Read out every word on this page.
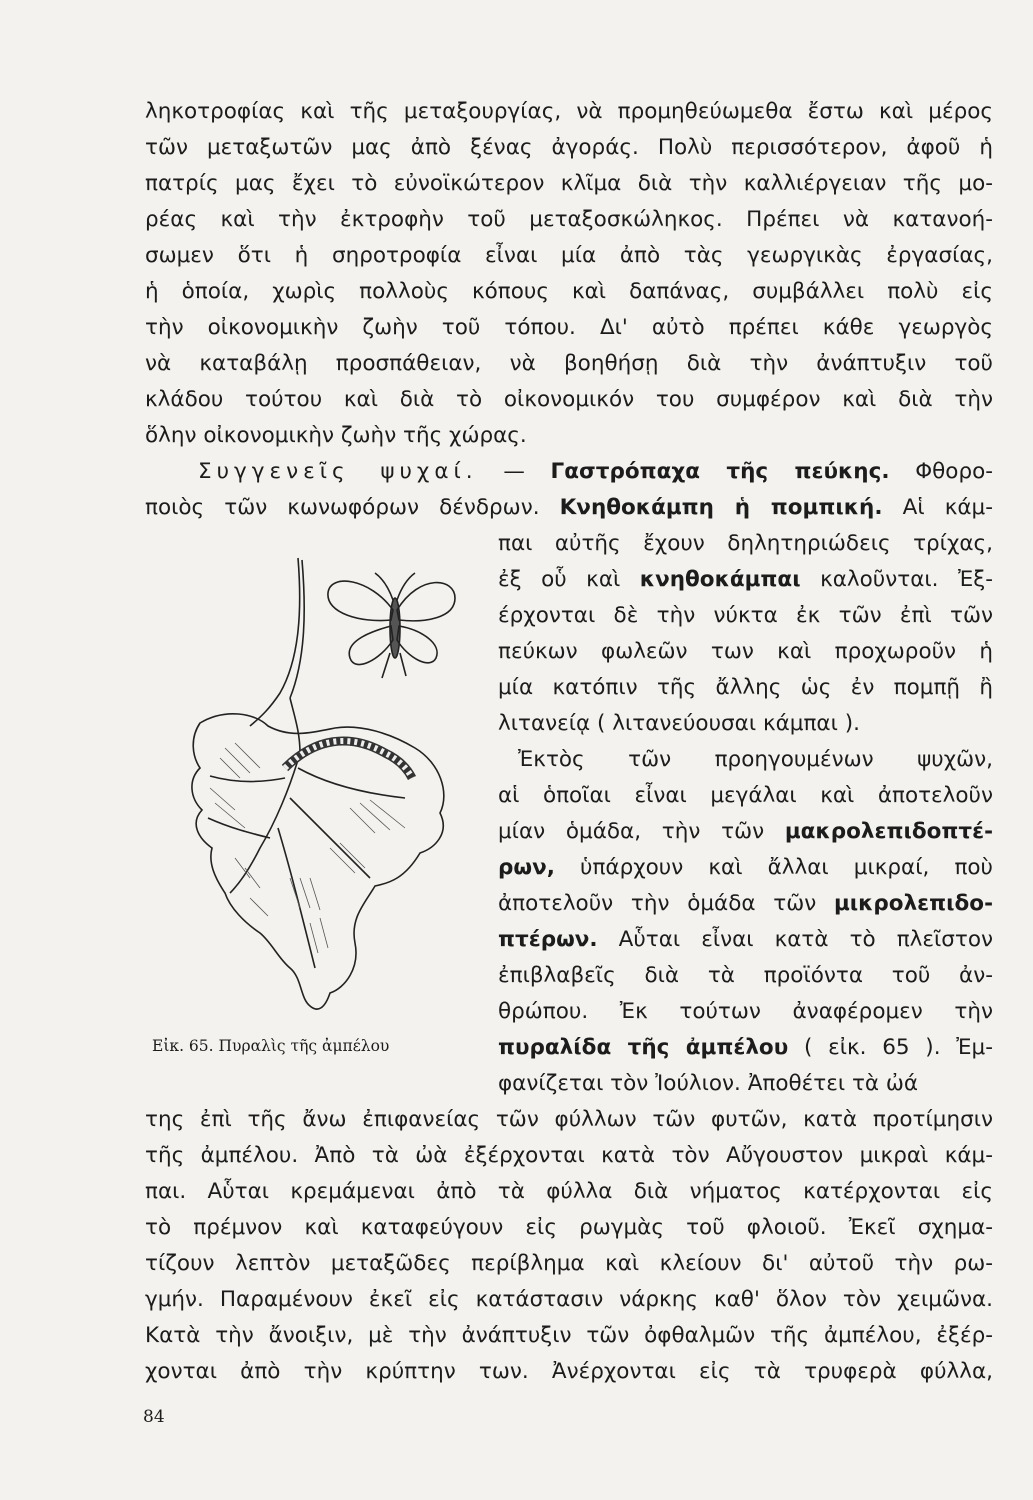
ληκοτροφίας καὶ τῆς μεταξουργίας, νὰ προμηθεύωμεθα ἔστω καὶ μέρος
τῶν μεταξωτῶν μας ἀπὸ ξένας ἀγοράς. Πολὺ περισσότερον, ἀφοῦ ἡ
πατρίς μας ἔχει τὸ εὐνοϊκώτερον κλῖμα διὰ τὴν καλλιέργειαν τῆς μο-
ρέας καὶ τὴν ἐκτροφὴν τοῦ μεταξοσκώληκος. Πρέπει νὰ κατανοή-
σωμεν ὅτι ἡ σηροτροφία εἶναι μία ἀπὸ τὰς γεωργικὰς ἐργασίας,
ἡ ὁποία, χωρὶς πολλοὺς κόπους καὶ δαπάνας, συμβάλλει πολὺ εἰς
τὴν οἰκονομικὴν ζωὴν τοῦ τόπου. Δι' αὐτὸ πρέπει κάθε γεωργὸς
νὰ καταβάλῃ προσπάθειαν, νὰ βοηθήσῃ διὰ τὴν ἀνάπτυξιν τοῦ
κλάδου τούτου καὶ διὰ τὸ οἰκονομικόν του συμφέρον καὶ διὰ τὴν
ὅλην οἰκονομικὴν ζωὴν τῆς χώρας.
Συγγενεῖς ψυχαί. — Γαστρόπαχα τῆς πεύκης. Φθορο-
ποιὸς τῶν κωνωφόρων δένδρων. Κνηθοκάμπη ἡ πομπική. Αἱ κάμ-
παι αὐτῆς ἔχουν δηλητηριώδεις τρίχας,
ἐξ οὗ καὶ κνηθοκάμπαι καλοῦνται. Ἐξ-
έρχονται δὲ τὴν νύκτα ἐκ τῶν ἐπὶ τῶν
πεύκων φωλεῶν των καὶ προχωροῦν ἡ
μία κατόπιν τῆς ἄλλης ὡς ἐν πομπῇ ἢ
λιτανείᾳ ( λιτανεύουσαι κάμπαι ).
Ἐκτὸς τῶν προηγουμένων ψυχῶν,
αἱ ὁποῖαι εἶναι μεγάλαι καὶ ἀποτελοῦν
μίαν ὁμάδα, τὴν τῶν μακρολεπιδοπτέ-
ρων, ὑπάρχουν καὶ ἄλλαι μικραί, ποὺ
ἀποτελοῦν τὴν ὁμάδα τῶν μικρολεπιδο-
πτέρων. Αὗται εἶναι κατὰ τὸ πλεῖστον
ἐπιβλαβεῖς διὰ τὰ προϊόντα τοῦ ἀν-
θρώπου. Ἐκ τούτων ἀναφέρομεν τὴν
πυραλίδα τῆς ἀμπέλου ( εἰκ. 65 ). Ἐμ-
φανίζεται τὸν Ἰούλιον. Ἀποθέτει τὰ ὠά
της ἐπὶ τῆς ἄνω ἐπιφανείας τῶν φύλλων τῶν φυτῶν, κατὰ προτίμησιν
τῆς ἀμπέλου. Ἀπὸ τὰ ὠὰ ἐξέρχονται κατὰ τὸν Αὔγουστον μικραὶ κάμ-
παι. Αὗται κρεμάμεναι ἀπὸ τὰ φύλλα διὰ νήματος κατέρχονται εἰς
τὸ πρέμνον καὶ καταφεύγουν εἰς ρωγμὰς τοῦ φλοιοῦ. Ἐκεῖ σχημα-
τίζουν λεπτὸν μεταξῶδες περίβλημα καὶ κλείουν δι' αὐτοῦ τὴν ρω-
γμήν. Παραμένουν ἐκεῖ εἰς κατάστασιν νάρκης καθ' ὅλον τὸν χειμῶνα.
Κατὰ τὴν ἄνοιξιν, μὲ τὴν ἀνάπτυξιν τῶν ὀφθαλμῶν τῆς ἀμπέλου, ἐξέρ-
χονται ἀπὸ τὴν κρύπτην των. Ἀνέρχονται εἰς τὰ τρυφερὰ φύλλα,
Εἰκ. 65. Πυραλὶς τῆς ἀμπέλου
84
